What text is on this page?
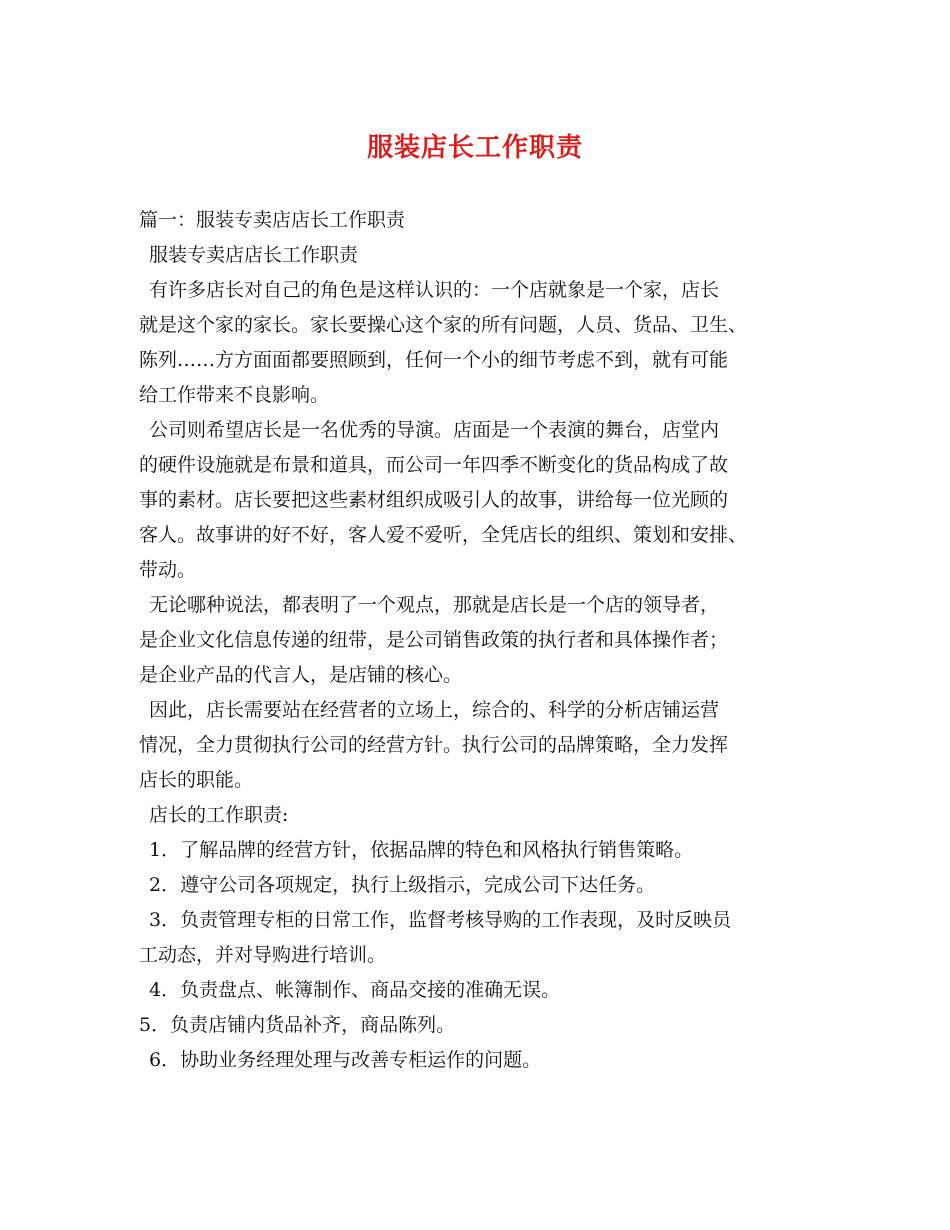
服装店长工作职责

篇一：服装专卖店店长工作职责

服装专卖店店长工作职责

有许多店长对自己的角色是这样认识的：一个店就象是一个家，店长
就是这个家的家长。家长要操心这个家的所有问题，人员、货品、卫生、
陈列……方方面面都要照顾到，任何一个小的细节考虑不到，就有可能
给工作带来不良影响。

公司则希望店长是一名优秀的导演。店面是一个表演的舞台，店堂内
的硬件设施就是布景和道具，而公司一年四季不断变化的货品构成了故
事的素材。店长要把这些素材组织成吸引人的故事，讲给每一位光顾的
客人。故事讲的好不好，客人爱不爱听，全凭店长的组织、策划和安排、
带动。

无论哪种说法，都表明了一个观点，那就是店长是一个店的领导者，
是企业文化信息传递的纽带，是公司销售政策的执行者和具体操作者；
是企业产品的代言人，是店铺的核心。

因此，店长需要站在经营者的立场上，综合的、科学的分析店铺运营
情况，全力贯彻执行公司的经营方针。执行公司的品牌策略，全力发挥
店长的职能。

店长的工作职责:

1．了解品牌的经营方针，依据品牌的特色和风格执行销售策略。

2．遵守公司各项规定，执行上级指示，完成公司下达任务。

3．负责管理专柜的日常工作，监督考核导购的工作表现，及时反映员
工动态，并对导购进行培训。

4．负责盘点、帐簿制作、商品交接的准确无误。

5．负责店铺内货品补齐，商品陈列。

6．协助业务经理处理与改善专柜运作的问题。
